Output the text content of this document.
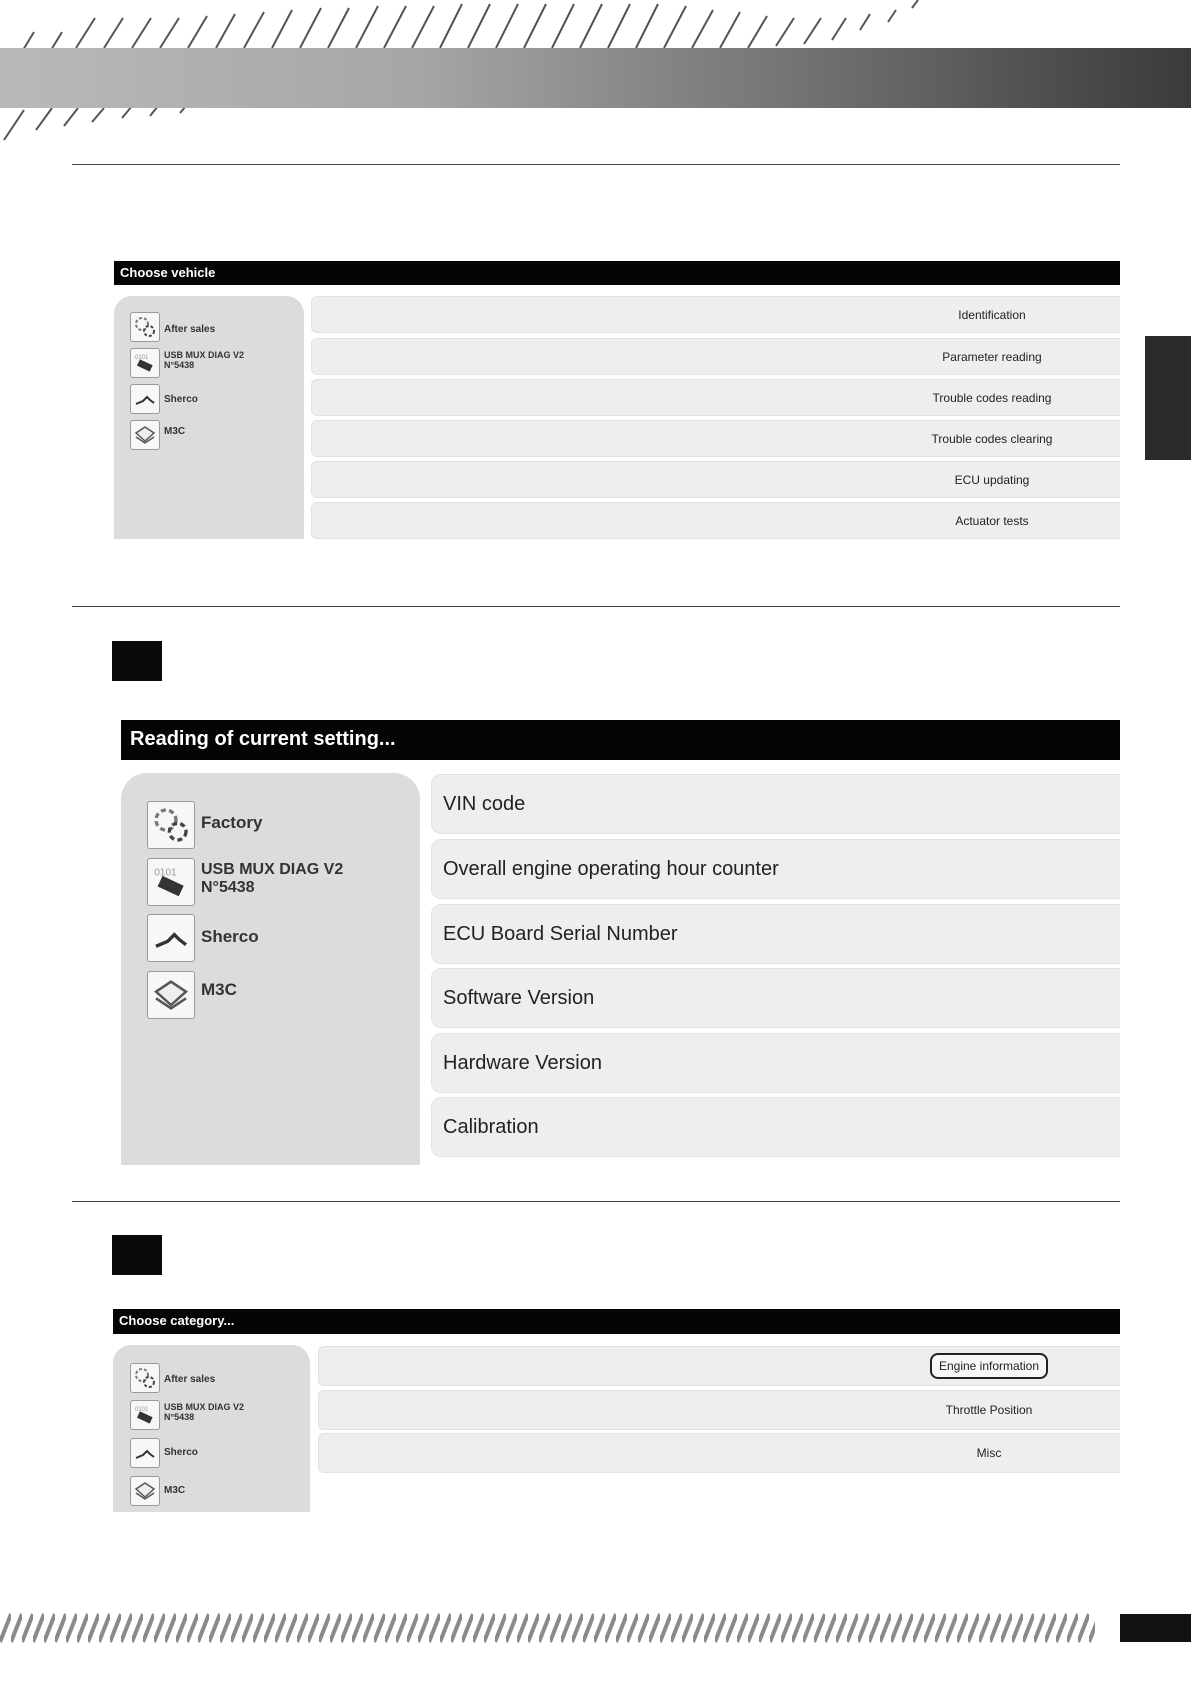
Choose vehicle
After sales
0101 USB MUX DIAG V2
N°5438
Sherco
M3C
Identification
Parameter reading
Trouble codes reading
Trouble codes clearing
ECU updating
Actuator tests
Reading of current setting...
Factory
0101 USB MUX DIAG V2
N°5438
Sherco
M3C
VIN code
Overall engine operating hour counter
ECU Board Serial Number
Software Version
Hardware Version
Calibration
Choose category...
After sales
0101 USB MUX DIAG V2
N°5438
Sherco
M3C
Engine information
Throttle Position
Misc
